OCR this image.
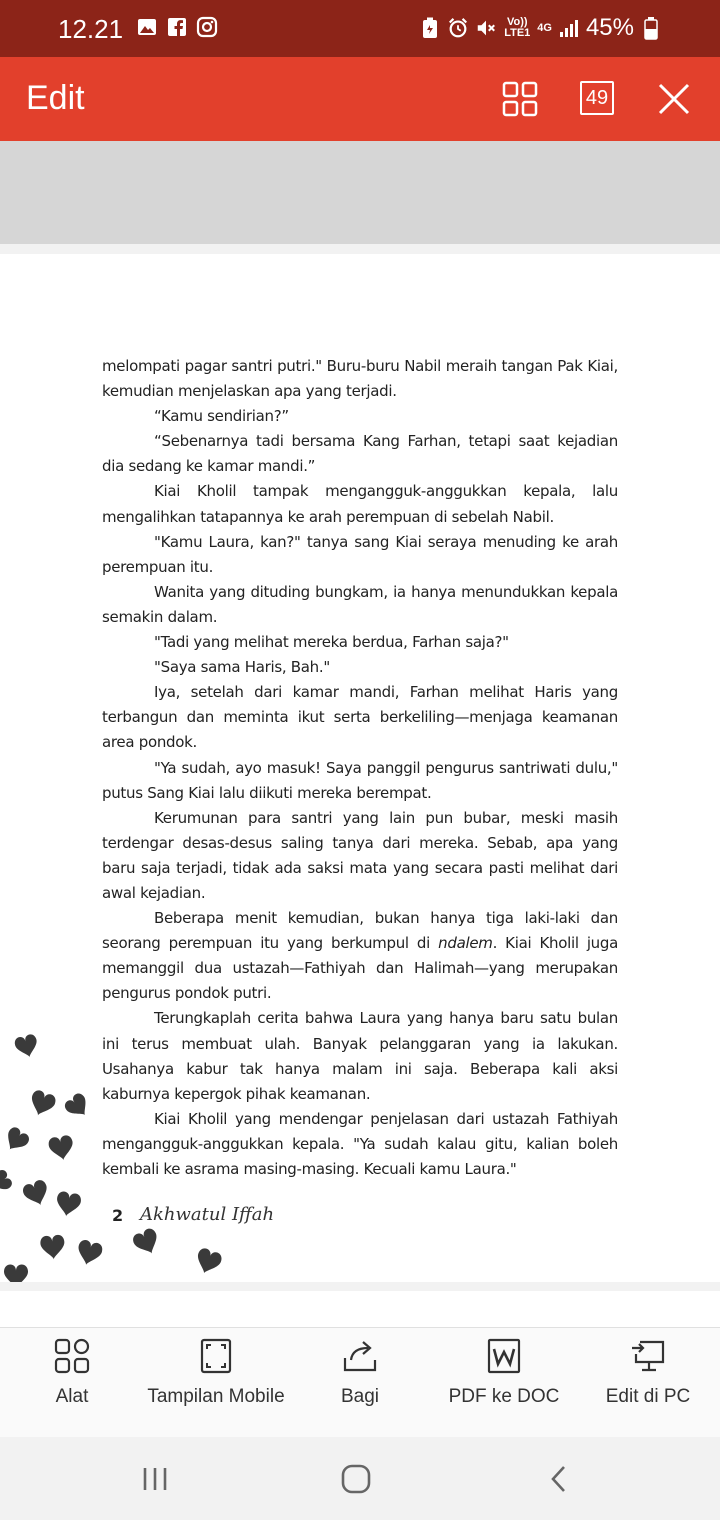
12.21	Vo)) LTE1 4G 45%
Edit	49

melompati pagar santri putri." Buru-buru Nabil meraih tangan Pak Kiai, kemudian menjelaskan apa yang terjadi.

“Kamu sendirian?”

“Sebenarnya tadi bersama Kang Farhan, tetapi saat kejadian dia sedang ke kamar mandi.”

Kiai Kholil tampak mengangguk-anggukkan kepala, lalu mengalihkan tatapannya ke arah perempuan di sebelah Nabil.

"Kamu Laura, kan?" tanya sang Kiai seraya menuding ke arah perempuan itu.

Wanita yang dituding bungkam, ia hanya menundukkan kepala semakin dalam.

"Tadi yang melihat mereka berdua, Farhan saja?"

"Saya sama Haris, Bah."

Iya, setelah dari kamar mandi, Farhan melihat Haris yang terbangun dan meminta ikut serta berkeliling—menjaga keamanan area pondok.

"Ya sudah, ayo masuk! Saya panggil pengurus santriwati dulu," putus Sang Kiai lalu diikuti mereka berempat.

Kerumunan para santri yang lain pun bubar, meski masih terdengar desas-desus saling tanya dari mereka. Sebab, apa yang baru saja terjadi, tidak ada saksi mata yang secara pasti melihat dari awal kejadian.

Beberapa menit kemudian, bukan hanya tiga laki-laki dan seorang perempuan itu yang berkumpul di ndalem. Kiai Kholil juga memanggil dua ustazah—Fathiyah dan Halimah—yang merupakan pengurus pondok putri.

Terungkaplah cerita bahwa Laura yang hanya baru satu bulan ini terus membuat ulah. Banyak pelanggaran yang ia lakukan. Usahanya kabur tak hanya malam ini saja. Beberapa kali aksi kaburnya kepergok pihak keamanan.

Kiai Kholil yang mendengar penjelasan dari ustazah Fathiyah mengangguk-anggukkan kepala. "Ya sudah kalau gitu, kalian boleh kembali ke asrama masing-masing. Kecuali kamu Laura."

2 Akhwatul Iffah
Alat	Tampilan Mobile	Bagi	PDF ke DOC	Edit di PC
